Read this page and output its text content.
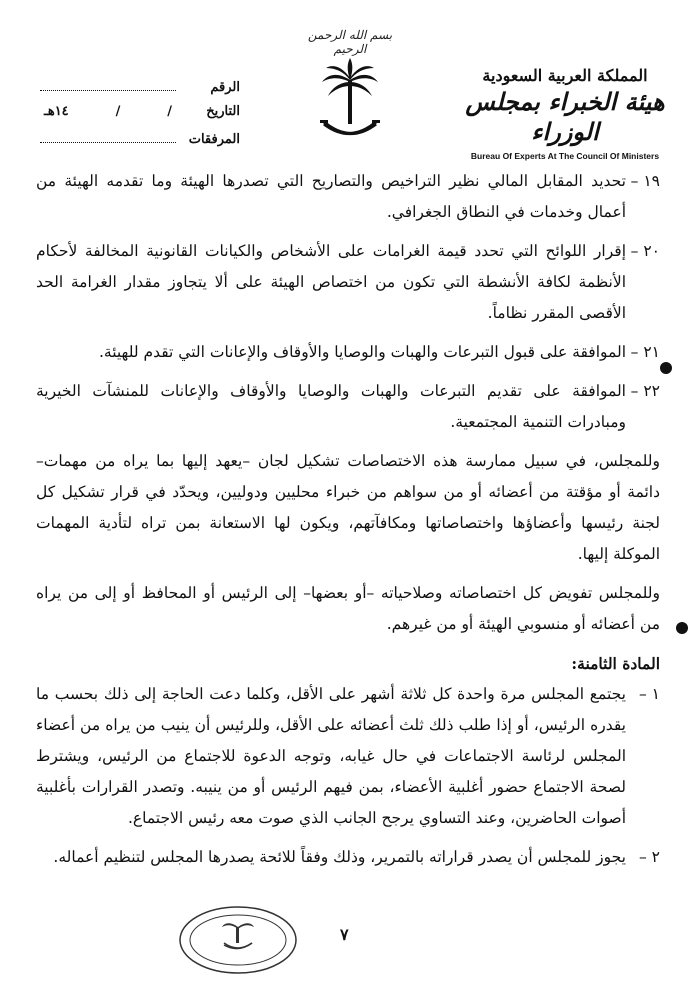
بسم الله الرحمن الرحيم
المملكة العربية السعودية
هيئة الخبراء بمجلس الوزراء
Bureau Of Experts At The Council Of Ministers
الرقم
التاريخ
/
/
١٤هـ
المرفقات
١٩ –
تحديد المقابل المالي نظير التراخيص والتصاريح التي تصدرها الهيئة وما تقدمه الهيئة من أعمال وخدمات في النطاق الجغرافي.
٢٠ –
إقرار اللوائح التي تحدد قيمة الغرامات على الأشخاص والكيانات القانونية المخالفة لأحكام الأنظمة لكافة الأنشطة التي تكون من اختصاص الهيئة على ألا يتجاوز مقدار الغرامة الحد الأقصى المقرر نظاماً.
٢١ –
الموافقة على قبول التبرعات والهبات والوصايا والأوقاف والإعانات التي تقدم للهيئة.
٢٢ –
الموافقة على تقديم التبرعات والهبات والوصايا والأوقاف والإعانات للمنشآت الخيرية ومبادرات التنمية المجتمعية.

وللمجلس، في سبيل ممارسة هذه الاختصاصات تشكيل لجان –يعهد إليها بما يراه من مهمات– دائمة أو مؤقتة من أعضائه أو من سواهم من خبراء محليين ودوليين، ويحدّد في قرار تشكيل كل لجنة رئيسها وأعضاؤها واختصاصاتها ومكافآتهم، ويكون لها الاستعانة بمن تراه لتأدية المهمات الموكلة إليها.

وللمجلس تفويض كل اختصاصاته وصلاحياته –أو بعضها– إلى الرئيس أو المحافظ أو إلى من يراه من أعضائه أو منسوبي الهيئة أو من غيرهم.

المادة الثامنة:

١ –
يجتمع المجلس مرة واحدة كل ثلاثة أشهر على الأقل، وكلما دعت الحاجة إلى ذلك بحسب ما يقدره الرئيس، أو إذا طلب ذلك ثلث أعضائه على الأقل، وللرئيس أن ينيب من يراه من أعضاء المجلس لرئاسة الاجتماعات في حال غيابه، وتوجه الدعوة للاجتماع من الرئيس، ويشترط لصحة الاجتماع حضور أغلبية الأعضاء، بمن فيهم الرئيس أو من ينيبه. وتصدر القرارات بأغلبية أصوات الحاضرين، وعند التساوي يرجح الجانب الذي صوت معه رئيس الاجتماع.
٢ –
يجوز للمجلس أن يصدر قراراته بالتمرير، وذلك وفقاً للائحة يصدرها المجلس لتنظيم أعماله.
٧
